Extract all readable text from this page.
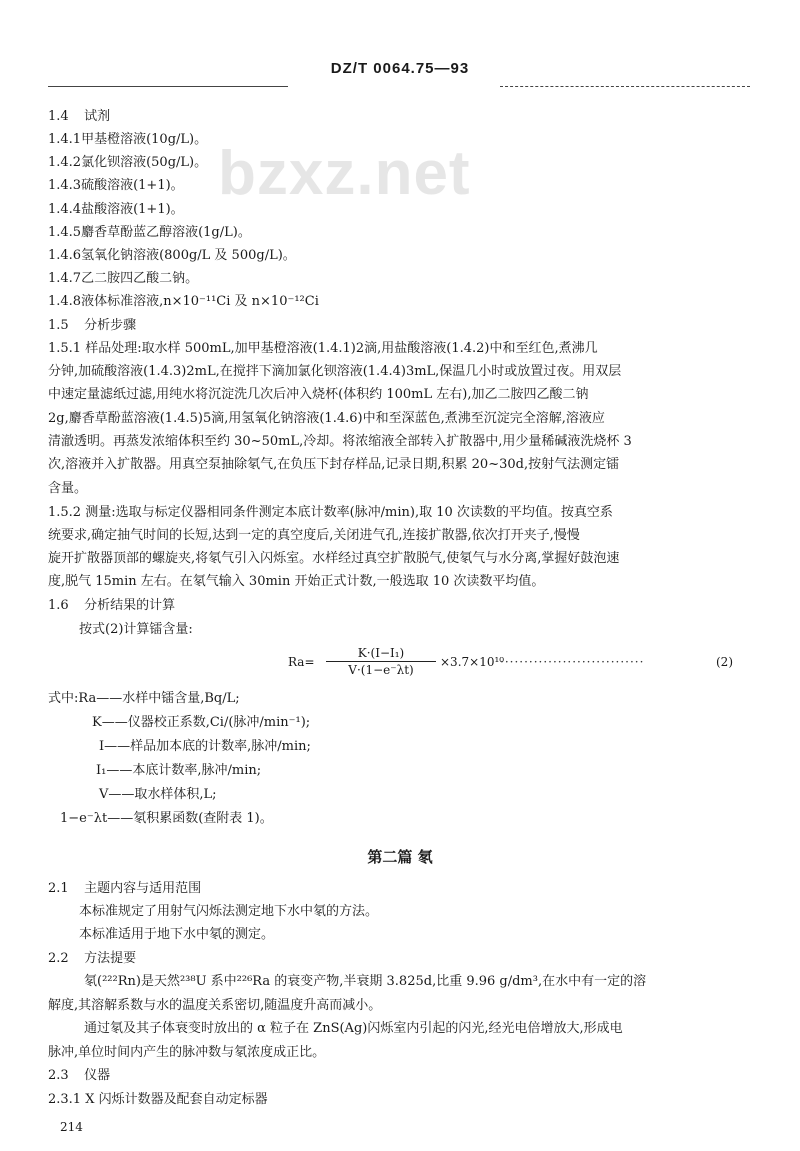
DZ/T 0064.75—93
bzxz.net
1.4 试剂
1.4.1甲基橙溶液(10g/L)。
1.4.2氯化钡溶液(50g/L)。
1.4.3硫酸溶液(1+1)。
1.4.4盐酸溶液(1+1)。
1.4.5麝香草酚蓝乙醇溶液(1g/L)。
1.4.6氢氧化钠溶液(800g/L 及 500g/L)。
1.4.7乙二胺四乙酸二钠。
1.4.8液体标准溶液,n×10⁻¹¹Ci 及 n×10⁻¹²Ci
1.5 分析步骤
1.5.1 样品处理:取水样 500mL,加甲基橙溶液(1.4.1)2滴,用盐酸溶液(1.4.2)中和至红色,煮沸几
分钟,加硫酸溶液(1.4.3)2mL,在搅拌下滴加氯化钡溶液(1.4.4)3mL,保温几小时或放置过夜。用双层
中速定量滤纸过滤,用纯水将沉淀洗几次后冲入烧杯(体积约 100mL 左右),加乙二胺四乙酸二钠
2g,麝香草酚蓝溶液(1.4.5)5滴,用氢氧化钠溶液(1.4.6)中和至深蓝色,煮沸至沉淀完全溶解,溶液应
清澈透明。再蒸发浓缩体积至约 30~50mL,冷却。将浓缩液全部转入扩散器中,用少量稀碱液洗烧杯 3
次,溶液并入扩散器。用真空泵抽除氡气,在负压下封存样品,记录日期,积累 20~30d,按射气法测定镭
含量。
1.5.2 测量:选取与标定仪器相同条件测定本底计数率(脉冲/min),取 10 次读数的平均值。按真空系
统要求,确定抽气时间的长短,达到一定的真空度后,关闭进气孔,连接扩散器,依次打开夹子,慢慢
旋开扩散器顶部的螺旋夹,将氡气引入闪烁室。水样经过真空扩散脱气,使氡气与水分离,掌握好鼓泡速
度,脱气 15min 左右。在氡气输入 30min 开始正式计数,一般选取 10 次读数平均值。
1.6 分析结果的计算
按式(2)计算镭含量:
$Ra= \frac{\text{K·(I−I₁)}}{V\cdot(1-e^-\lambda t)} \times 3.7\times 10^{10}$
······························	(2)
式中:Ra——水样中镭含量,Bq/L;
K——仪器校正系数,Ci/(脉冲/min⁻¹);
I——样品加本底的计数率,脉冲/min;
I₁——本底计数率,脉冲/min;
V——取水样体积,L;
1−e⁻λt——氡积累函数(查附表 1)。
第二篇 氡
2.1 主题内容与适用范围
本标准规定了用射气闪烁法测定地下水中氡的方法。
本标准适用于地下水中氡的测定。
2.2 方法提要
氡(²²²Rn)是天然²³⁸U 系中²²⁶Ra 的衰变产物,半衰期 3.825d,比重 9.96 g/dm³,在水中有一定的溶
解度,其溶解系数与水的温度关系密切,随温度升高而减小。
通过氡及其子体衰变时放出的 α 粒子在 ZnS(Ag)闪烁室内引起的闪光,经光电倍增放大,形成电
脉冲,单位时间内产生的脉冲数与氡浓度成正比。
2.3 仪器
2.3.1 X 闪烁计数器及配套自动定标器
214
